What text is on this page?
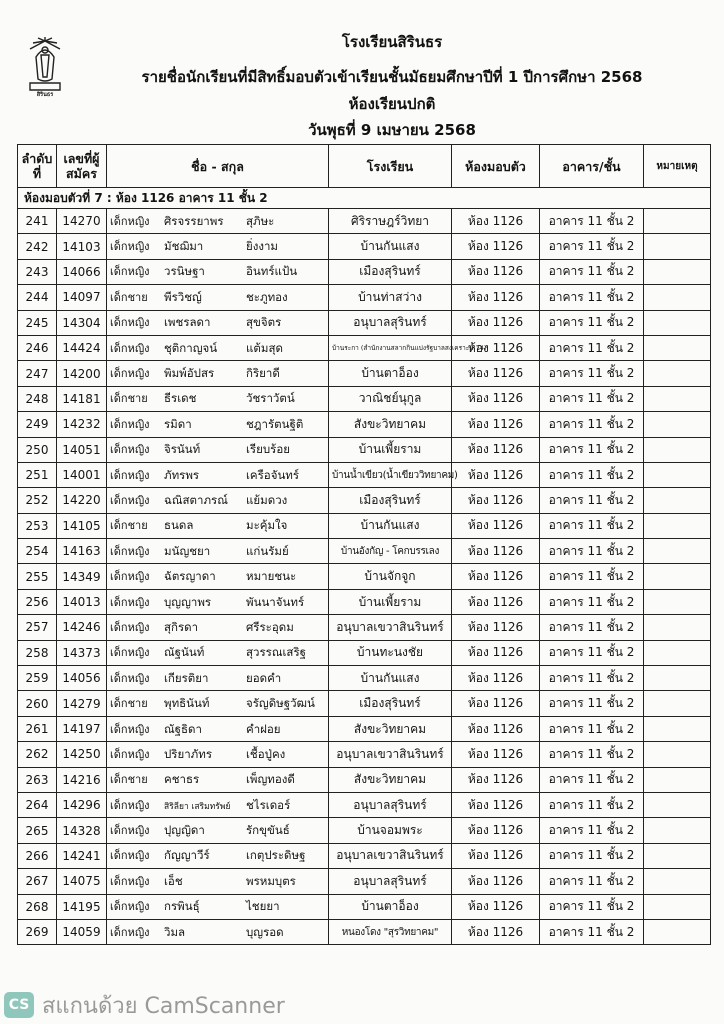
สิรินธร
โรงเรียนสิรินธร
รายชื่อนักเรียนที่มีสิทธิ์มอบตัวเข้าเรียนชั้นมัธยมศึกษาปีที่ 1 ปีการศึกษา 2568
ห้องเรียนปกติ
วันพุธที่ 9 เมษายน 2568
ลำดับที่	เลขที่ผู้สมัคร	ชื่อ - สกุล	โรงเรียน	ห้องมอบตัว	อาคาร/ชั้น	หมายเหตุ
ห้องมอบตัวที่ 7 : ห้อง 1126 อาคาร 11 ชั้น 2						
241	14270	เด็กหญิง ศิรจรรยาพร สุภิษะ	ศิริราษฎร์วิทยา	ห้อง 1126	อาคาร 11 ชั้น 2	
242	14103	เด็กหญิง มัชฌิมา ยิ่งงาม	บ้านกันแสง	ห้อง 1126	อาคาร 11 ชั้น 2	
243	14066	เด็กหญิง วรนิษฐา อินทร์แป้น	เมืองสุรินทร์	ห้อง 1126	อาคาร 11 ชั้น 2	
244	14097	เด็กชาย พีรวิชญ์ ชะภูทอง	บ้านท่าสว่าง	ห้อง 1126	อาคาร 11 ชั้น 2	
245	14304	เด็กหญิง เพชรลดา สุขจิตร	อนุบาลสุรินทร์	ห้อง 1126	อาคาร 11 ชั้น 2	
246	14424	เด็กหญิง ชุติกาญจน์ แต้มสุด	บ้านระกา (สำนักงานสลากกินแบ่งรัฐบาลสงเคราะห์ 74)	ห้อง 1126	อาคาร 11 ชั้น 2	
247	14200	เด็กหญิง พิมพ์อัปสร กิริยาดี	บ้านตาอ็อง	ห้อง 1126	อาคาร 11 ชั้น 2	
248	14181	เด็กชาย ธีรเดช วัชราวัตน์	วาณิชย์นุกูล	ห้อง 1126	อาคาร 11 ชั้น 2	
249	14232	เด็กหญิง รมิดา ชฎารัตนฐิติ	สังขะวิทยาคม	ห้อง 1126	อาคาร 11 ชั้น 2	
250	14051	เด็กหญิง จิรนันท์ เรียบร้อย	บ้านเพี้ยราม	ห้อง 1126	อาคาร 11 ชั้น 2	
251	14001	เด็กหญิง ภัทรพร เครือจันทร์	บ้านน้ำเขียว(น้ำเขียววิทยาคม)	ห้อง 1126	อาคาร 11 ชั้น 2	
252	14220	เด็กหญิง ฉณิสตาภรณ์ แย้มดวง	เมืองสุรินทร์	ห้อง 1126	อาคาร 11 ชั้น 2	
253	14105	เด็กชาย ธนดล มะคุ้มใจ	บ้านกันแสง	ห้อง 1126	อาคาร 11 ชั้น 2	
254	14163	เด็กหญิง มนัญชยา แก่นรัมย์	บ้านอังกัญ - โคกบรรเลง	ห้อง 1126	อาคาร 11 ชั้น 2	
255	14349	เด็กหญิง ฉัตรญาดา หมายชนะ	บ้านจักจูก	ห้อง 1126	อาคาร 11 ชั้น 2	
256	14013	เด็กหญิง บุญญาพร พันนาจันทร์	บ้านเพี้ยราม	ห้อง 1126	อาคาร 11 ชั้น 2	
257	14246	เด็กหญิง สุกิรดา ศรีระอุดม	อนุบาลเขวาสินรินทร์	ห้อง 1126	อาคาร 11 ชั้น 2	
258	14373	เด็กหญิง ณัฐนันท์ สุวรรณเสริฐ	บ้านทะนงชัย	ห้อง 1126	อาคาร 11 ชั้น 2	
259	14056	เด็กหญิง เกียรติยา ยอดคำ	บ้านกันแสง	ห้อง 1126	อาคาร 11 ชั้น 2	
260	14279	เด็กชาย พุทธินันท์ จรัญดิษฐวัฒน์	เมืองสุรินทร์	ห้อง 1126	อาคาร 11 ชั้น 2	
261	14197	เด็กหญิง ณัฐธิดา คำฝอย	สังขะวิทยาคม	ห้อง 1126	อาคาร 11 ชั้น 2	
262	14250	เด็กหญิง ปริยาภัทร เชื้อปู่คง	อนุบาลเขวาสินรินทร์	ห้อง 1126	อาคาร 11 ชั้น 2	
263	14216	เด็กชาย คชาธร เพ็ญทองดี	สังขะวิทยาคม	ห้อง 1126	อาคาร 11 ชั้น 2	
264	14296	เด็กหญิง สิริลียา เสริมทรัพย์ ชไรเดอร์	อนุบาลสุรินทร์	ห้อง 1126	อาคาร 11 ชั้น 2	
265	14328	เด็กหญิง ปุญญิดา รักขุขันธ์	บ้านจอมพระ	ห้อง 1126	อาคาร 11 ชั้น 2	
266	14241	เด็กหญิง กัญญาวีร์ เกตุประดิษฐ	อนุบาลเขวาสินรินทร์	ห้อง 1126	อาคาร 11 ชั้น 2	
267	14075	เด็กหญิง เอ็ช พรหมบุตร	อนุบาลสุรินทร์	ห้อง 1126	อาคาร 11 ชั้น 2	
268	14195	เด็กหญิง กรพินธุ์ ไชยยา	บ้านตาอ็อง	ห้อง 1126	อาคาร 11 ชั้น 2	
269	14059	เด็กหญิง วิมล บุญรอด	หนองโดง "สุรวิทยาคม"	ห้อง 1126	อาคาร 11 ชั้น 2	
CS สแกนด้วย CamScanner
